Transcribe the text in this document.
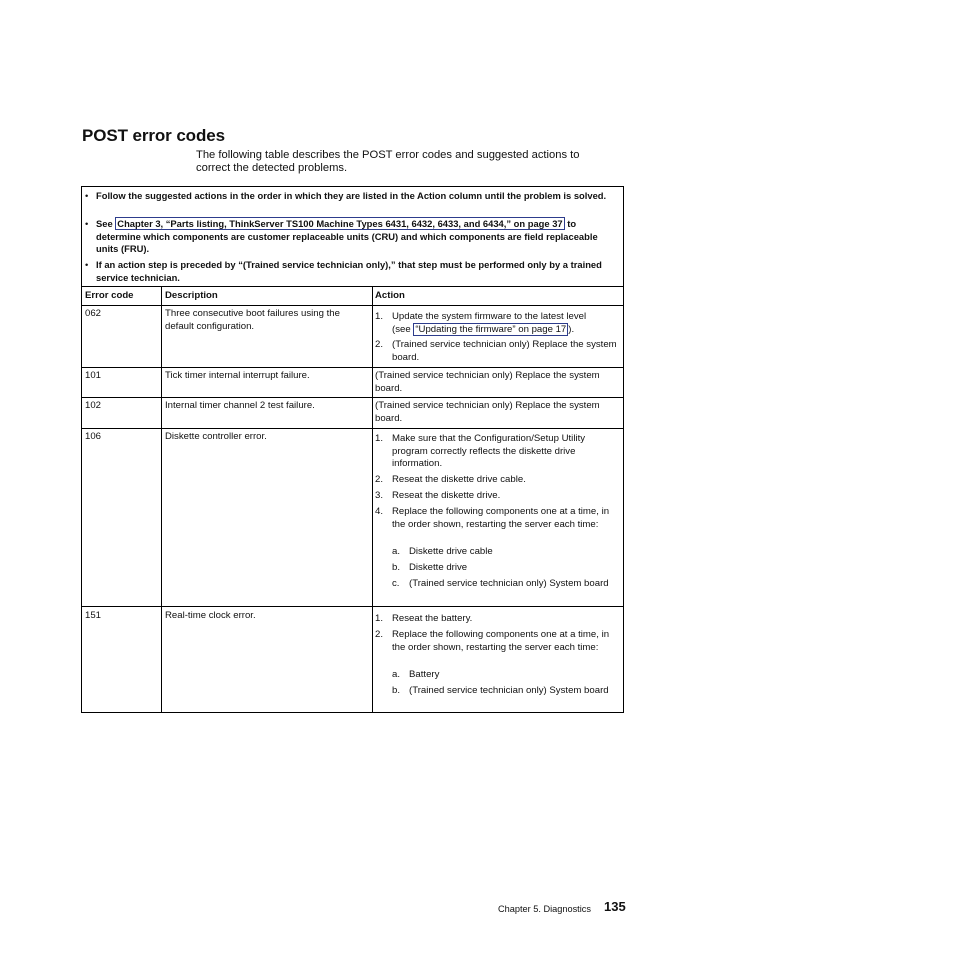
POST error codes
The following table describes the POST error codes and suggested actions to correct the detected problems.
• Follow the suggested actions in the order in which they are listed in the Action column until the problem is solved.
• See Chapter 3, “Parts listing, ThinkServer TS100 Machine Types 6431, 6432, 6433, and 6434,” on page 37 to determine which components are customer replaceable units (CRU) and which components are field replaceable units (FRU).
• If an action step is preceded by “(Trained service technician only),” that step must be performed only by a trained service technician.
Error code	Description	Action
062	Three consecutive boot failures using the default configuration.
1. Update the system firmware to the latest level
(see “Updating the firmware” on page 17 ).
2. (Trained service technician only) Replace the system board.
101	Tick timer internal interrupt failure.	(Trained service technician only) Replace the system board.
102	Internal timer channel 2 test failure.	(Trained service technician only) Replace the system board.
106	Diskette controller error.	1. Make sure that the Configuration/Setup Utility program correctly reflects the diskette drive information.
2. Reseat the diskette drive cable.
3. Reseat the diskette drive.
4. Replace the following components one at a time, in the order shown, restarting the server each time:
a. Diskette drive cable
b. Diskette drive
c. (Trained service technician only) System board
151	Real-time clock error.	1. Reseat the battery.
2. Replace the following components one at a time, in the order shown, restarting the server each time:
a. Battery
b. (Trained service technician only) System board
Chapter 5. Diagnostics 135
